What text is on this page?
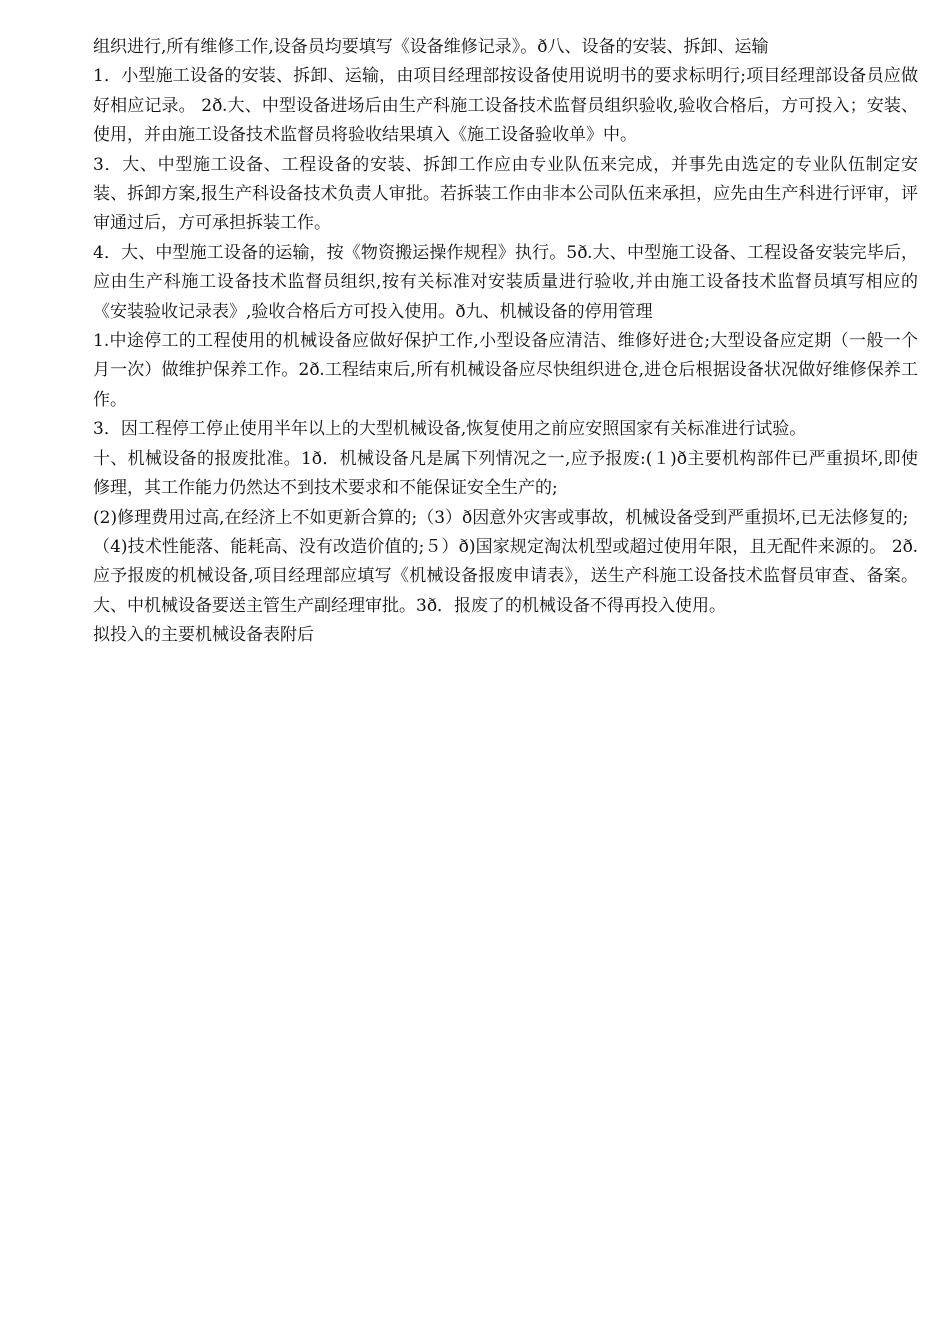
组织进行,所有维修工作,设备员均要填写《设备维修记录》。ð八、设备的安装、拆卸、运输

1．小型施工设备的安装、拆卸、运输，由项目经理部按设备使用说明书的要求标明行;项目经理部设备员应做好相应记录。 2ð.大、中型设备进场后由生产科施工设备技术监督员组织验收,验收合格后，方可投入；安装、使用，并由施工设备技术监督员将验收结果填入《施工设备验收单》中。

3．大、中型施工设备、工程设备的安装、拆卸工作应由专业队伍来完成，并事先由选定的专业队伍制定安装、拆卸方案,报生产科设备技术负责人审批。若拆装工作由非本公司队伍来承担，应先由生产科进行评审，评审通过后，方可承担拆装工作。

4．大、中型施工设备的运输，按《物资搬运操作规程》执行。5ð.大、中型施工设备、工程设备安装完毕后，应由生产科施工设备技术监督员组织,按有关标准对安装质量进行验收,并由施工设备技术监督员填写相应的《安装验收记录表》,验收合格后方可投入使用。ð九、机械设备的停用管理

1.中途停工的工程使用的机械设备应做好保护工作,小型设备应清洁、维修好进仓;大型设备应定期（一般一个月一次）做维护保养工作。2ð.工程结束后,所有机械设备应尽快组织进仓,进仓后根据设备状况做好维修保养工作。

3．因工程停工停止使用半年以上的大型机械设备,恢复使用之前应安照国家有关标准进行试验。

十、机械设备的报废批准。1ð．机械设备凡是属下列情况之一,应予报废:(１)ð主要机构部件已严重损坏,即使修理，其工作能力仍然达不到技术要求和不能保证安全生产的;

(2)修理费用过高,在经济上不如更新合算的;（3）ð因意外灾害或事故，机械设备受到严重损坏,已无法修复的;

（4)技术性能落、能耗高、没有改造价值的;５）ð)国家规定淘汰机型或超过使用年限，且无配件来源的。 2ð.应予报废的机械设备,项目经理部应填写《机械设备报废申请表》，送生产科施工设备技术监督员审查、备案。大、中机械设备要送主管生产副经理审批。3ð．报废了的机械设备不得再投入使用。

拟投入的主要机械设备表附后
